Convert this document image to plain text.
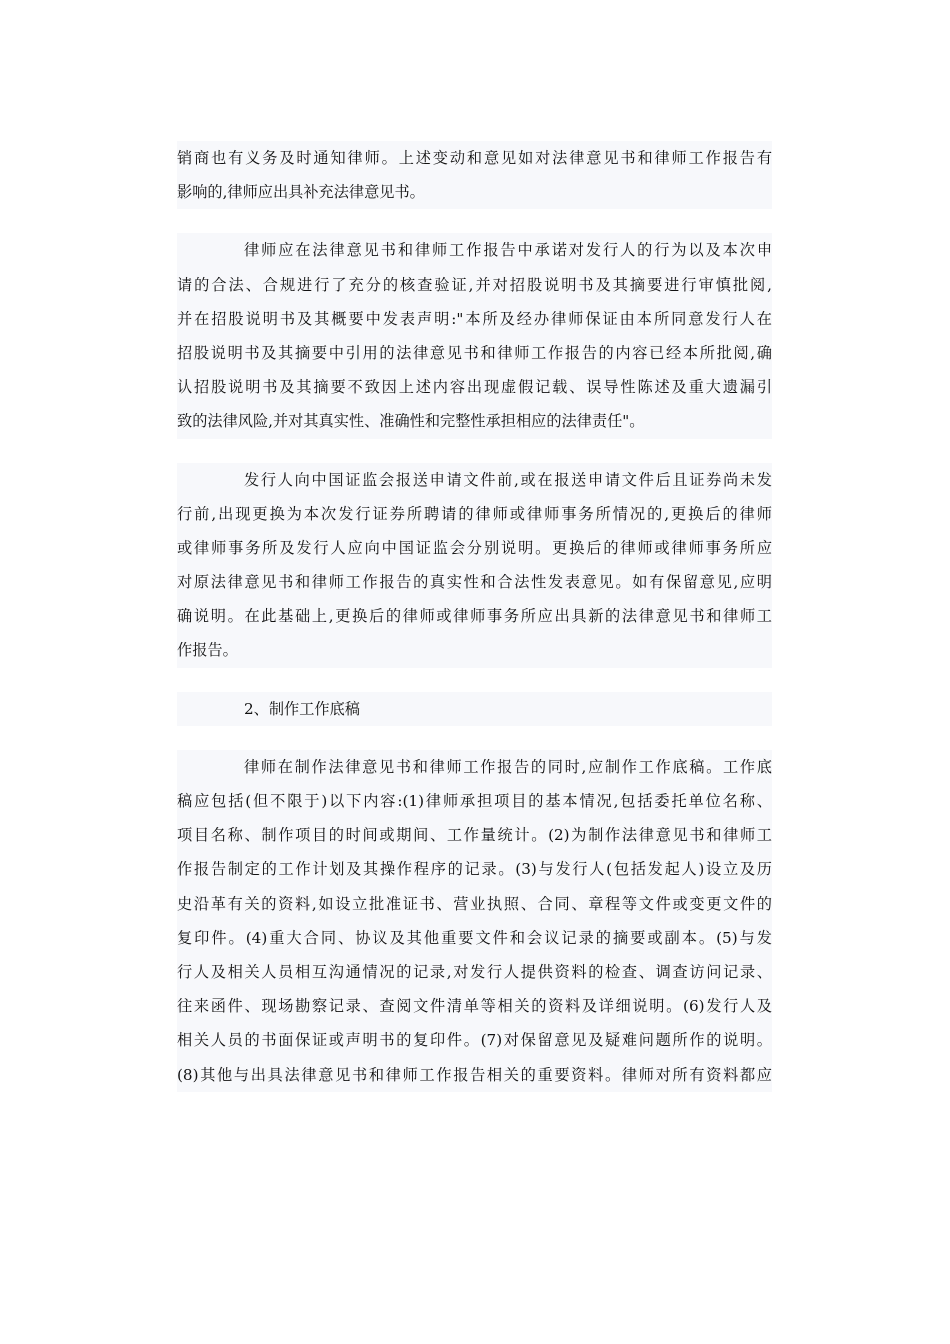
销商也有义务及时通知律师。上述变动和意见如对法律意见书和律师工作报告有
影响的,律师应出具补充法律意见书。
律师应在法律意见书和律师工作报告中承诺对发行人的行为以及本次申
请的合法、合规进行了充分的核查验证,并对招股说明书及其摘要进行审慎批阅,
并在招股说明书及其概要中发表声明:"本所及经办律师保证由本所同意发行人在
招股说明书及其摘要中引用的法律意见书和律师工作报告的内容已经本所批阅,确
认招股说明书及其摘要不致因上述内容出现虚假记载、误导性陈述及重大遗漏引
致的法律风险,并对其真实性、准确性和完整性承担相应的法律责任"。
发行人向中国证监会报送申请文件前,或在报送申请文件后且证券尚未发
行前,出现更换为本次发行证券所聘请的律师或律师事务所情况的,更换后的律师
或律师事务所及发行人应向中国证监会分别说明。更换后的律师或律师事务所应
对原法律意见书和律师工作报告的真实性和合法性发表意见。如有保留意见,应明
确说明。在此基础上,更换后的律师或律师事务所应出具新的法律意见书和律师工
作报告。
2、制作工作底稿
律师在制作法律意见书和律师工作报告的同时,应制作工作底稿。工作底
稿应包括(但不限于)以下内容:(1)律师承担项目的基本情况,包括委托单位名称、
项目名称、制作项目的时间或期间、工作量统计。(2)为制作法律意见书和律师工
作报告制定的工作计划及其操作程序的记录。(3)与发行人(包括发起人)设立及历
史沿革有关的资料,如设立批准证书、营业执照、合同、章程等文件或变更文件的
复印件。(4)重大合同、协议及其他重要文件和会议记录的摘要或副本。(5)与发
行人及相关人员相互沟通情况的记录,对发行人提供资料的检查、调查访问记录、
往来函件、现场勘察记录、查阅文件清单等相关的资料及详细说明。(6)发行人及
相关人员的书面保证或声明书的复印件。(7)对保留意见及疑难问题所作的说明。
(8)其他与出具法律意见书和律师工作报告相关的重要资料。律师对所有资料都应
